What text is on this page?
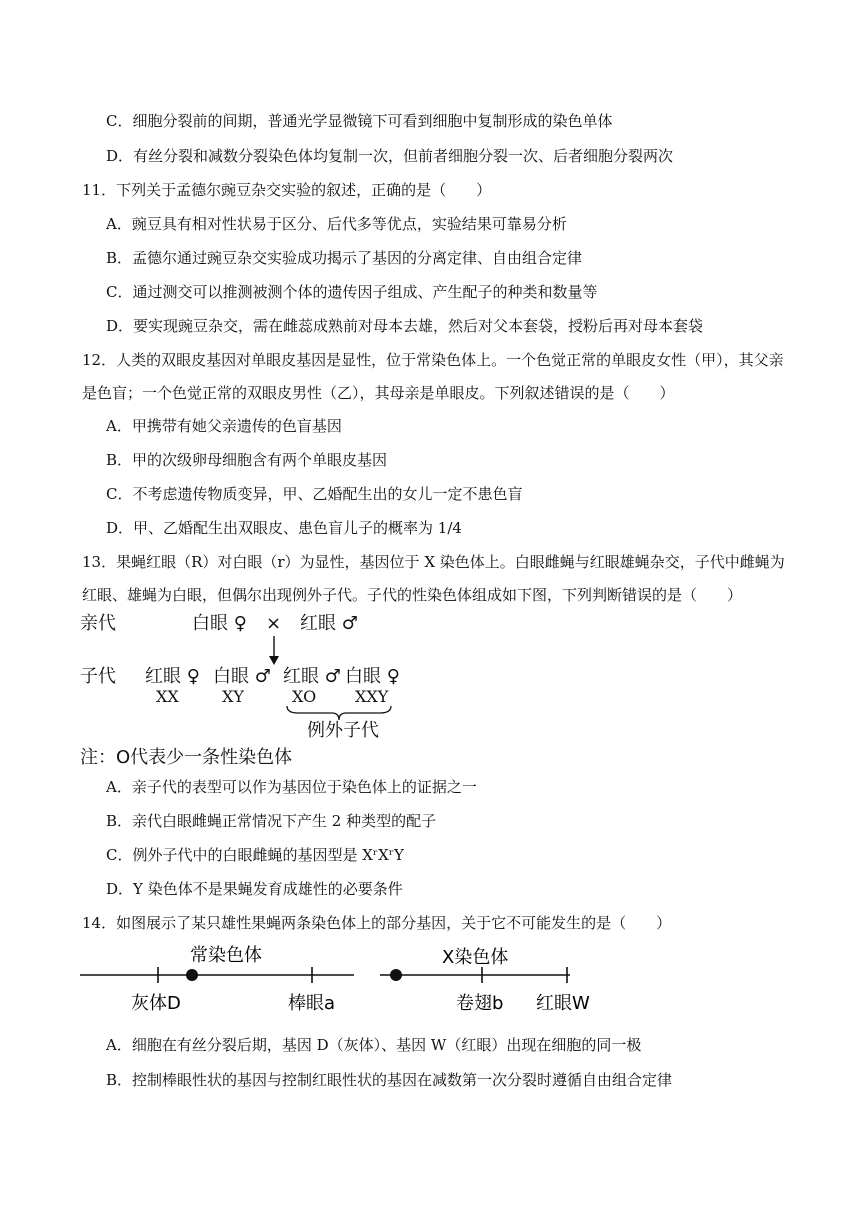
C．细胞分裂前的间期，普通光学显微镜下可看到细胞中复制形成的染色单体
D．有丝分裂和减数分裂染色体均复制一次，但前者细胞分裂一次、后者细胞分裂两次
11．下列关于孟德尔豌豆杂交实验的叙述，正确的是（　　）
A．豌豆具有相对性状易于区分、后代多等优点，实验结果可靠易分析
B．孟德尔通过豌豆杂交实验成功揭示了基因的分离定律、自由组合定律
C．通过测交可以推测被测个体的遗传因子组成、产生配子的种类和数量等
D．要实现豌豆杂交，需在雌蕊成熟前对母本去雄，然后对父本套袋，授粉后再对母本套袋
12．人类的双眼皮基因对单眼皮基因是显性，位于常染色体上。一个色觉正常的单眼皮女性（甲），其父亲
是色盲；一个色觉正常的双眼皮男性（乙），其母亲是单眼皮。下列叙述错误的是（　　）
A．甲携带有她父亲遗传的色盲基因
B．甲的次级卵母细胞含有两个单眼皮基因
C．不考虑遗传物质变异，甲、乙婚配生出的女儿一定不患色盲
D．甲、乙婚配生出双眼皮、患色盲儿子的概率为 1/4
13．果蝇红眼（R）对白眼（r）为显性，基因位于 X 染色体上。白眼雌蝇与红眼雄蝇杂交，子代中雌蝇为
红眼、雄蝇为白眼，但偶尔出现例外子代。子代的性染色体组成如下图，下列判断错误的是（　　）
亲代	白眼 ♀ × 红眼 ♂
子代 红眼 ♀
XX
白眼 ♂
XY
红眼 ♂
XO
白眼 ♀
XXY
例外子代
注：O代表少一条性染色体
A．亲子代的表型可以作为基因位于染色体上的证据之一
B．亲代白眼雌蝇正常情况下产生 2 种类型的配子
C．例外子代中的白眼雌蝇的基因型是 XʳXʳY
D．Y 染色体不是果蝇发育成雄性的必要条件
14．如图展示了某只雄性果蝇两条染色体上的部分基因，关于它不可能发生的是（　　）
常染色体
灰体D	棒眼a
X染色体
卷翅b 红眼W
A．细胞在有丝分裂后期，基因 D（灰体）、基因 W（红眼）出现在细胞的同一极
B．控制棒眼性状的基因与控制红眼性状的基因在减数第一次分裂时遵循自由组合定律
